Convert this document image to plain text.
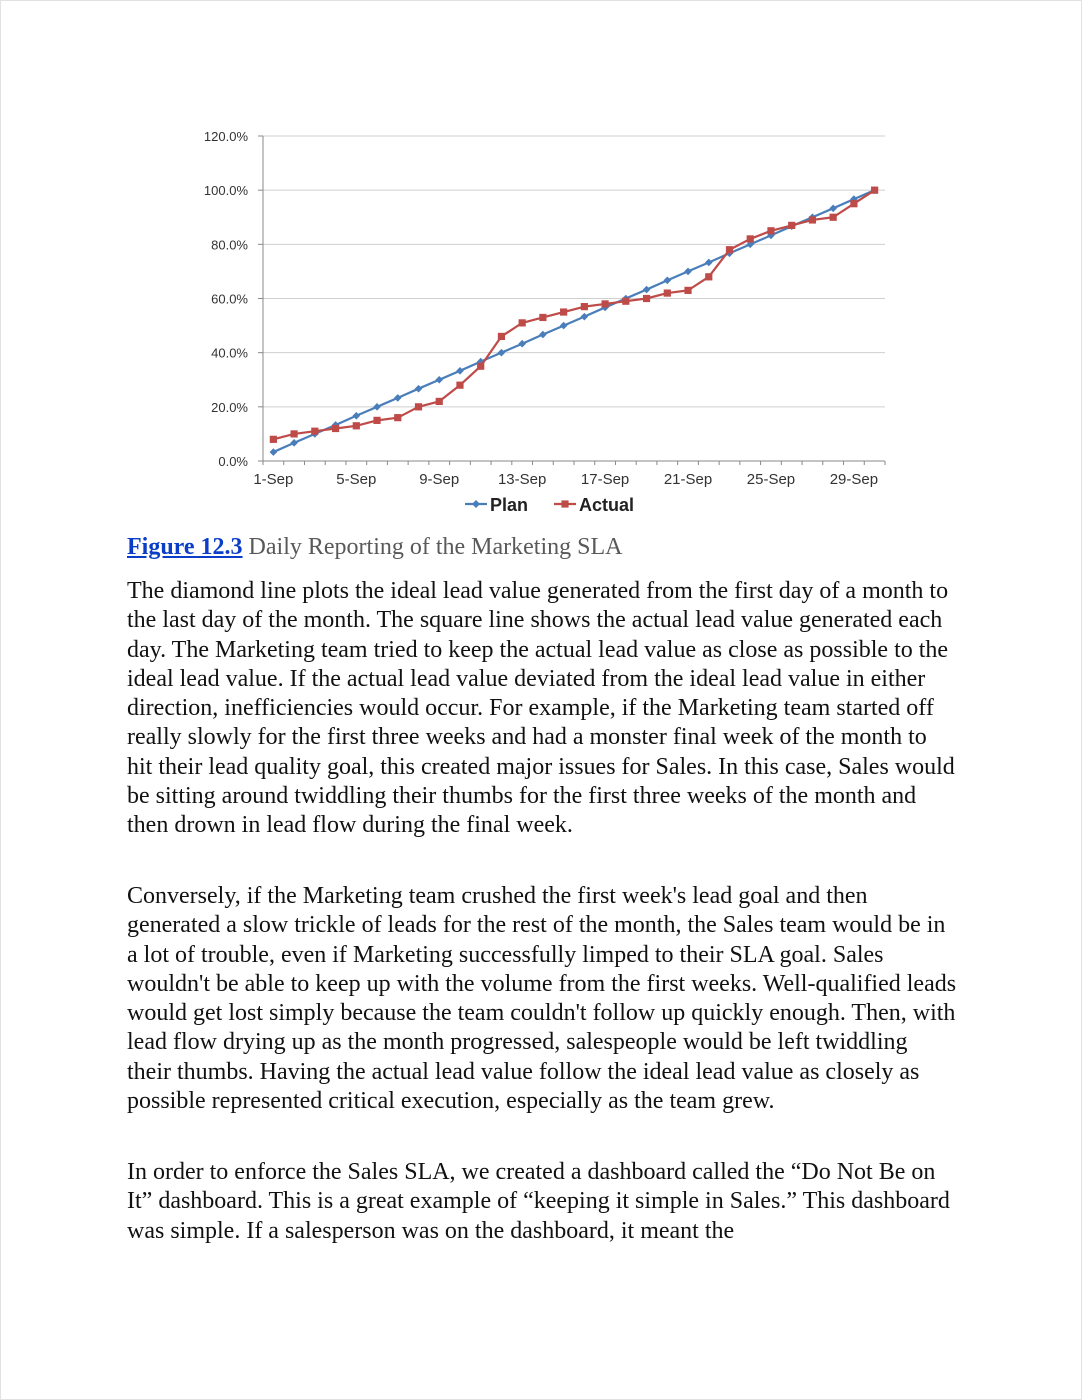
0.0%
20.0%
40.0%
60.0%
80.0%
100.0%
120.0%
1-Sep	5-Sep	9-Sep	13-Sep 17-Sep 21-Sep 25-Sep 29-Sep
Plan	Actual

Figure 12.3 Daily Reporting of the Marketing SLA

The diamond line plots the ideal lead value generated from the first day of a month to the last day of the month. The square line shows the actual lead value generated each day. The Marketing team tried to keep the actual lead value as close as possible to the ideal lead value. If the actual lead value deviated from the ideal lead value in either direction, inefficiencies would occur. For example, if the Marketing team started off really slowly for the first three weeks and had a monster final week of the month to hit their lead quality goal, this created major issues for Sales. In this case, Sales would be sitting around twiddling their thumbs for the first three weeks of the month and then drown in lead flow during the final week.

Conversely, if the Marketing team crushed the first week's lead goal and then generated a slow trickle of leads for the rest of the month, the Sales team would be in a lot of trouble, even if Marketing successfully limped to their SLA goal. Sales wouldn't be able to keep up with the volume from the first weeks. Well-qualified leads would get lost simply because the team couldn't follow up quickly enough. Then, with lead flow drying up as the month progressed, salespeople would be left twiddling their thumbs. Having the actual lead value follow the ideal lead value as closely as possible represented critical execution, especially as the team grew.

In order to enforce the Sales SLA, we created a dashboard called the “Do Not Be on It” dashboard. This is a great example of “keeping it simple in Sales.” This dashboard was simple. If a salesperson was on the dashboard, it meant the
